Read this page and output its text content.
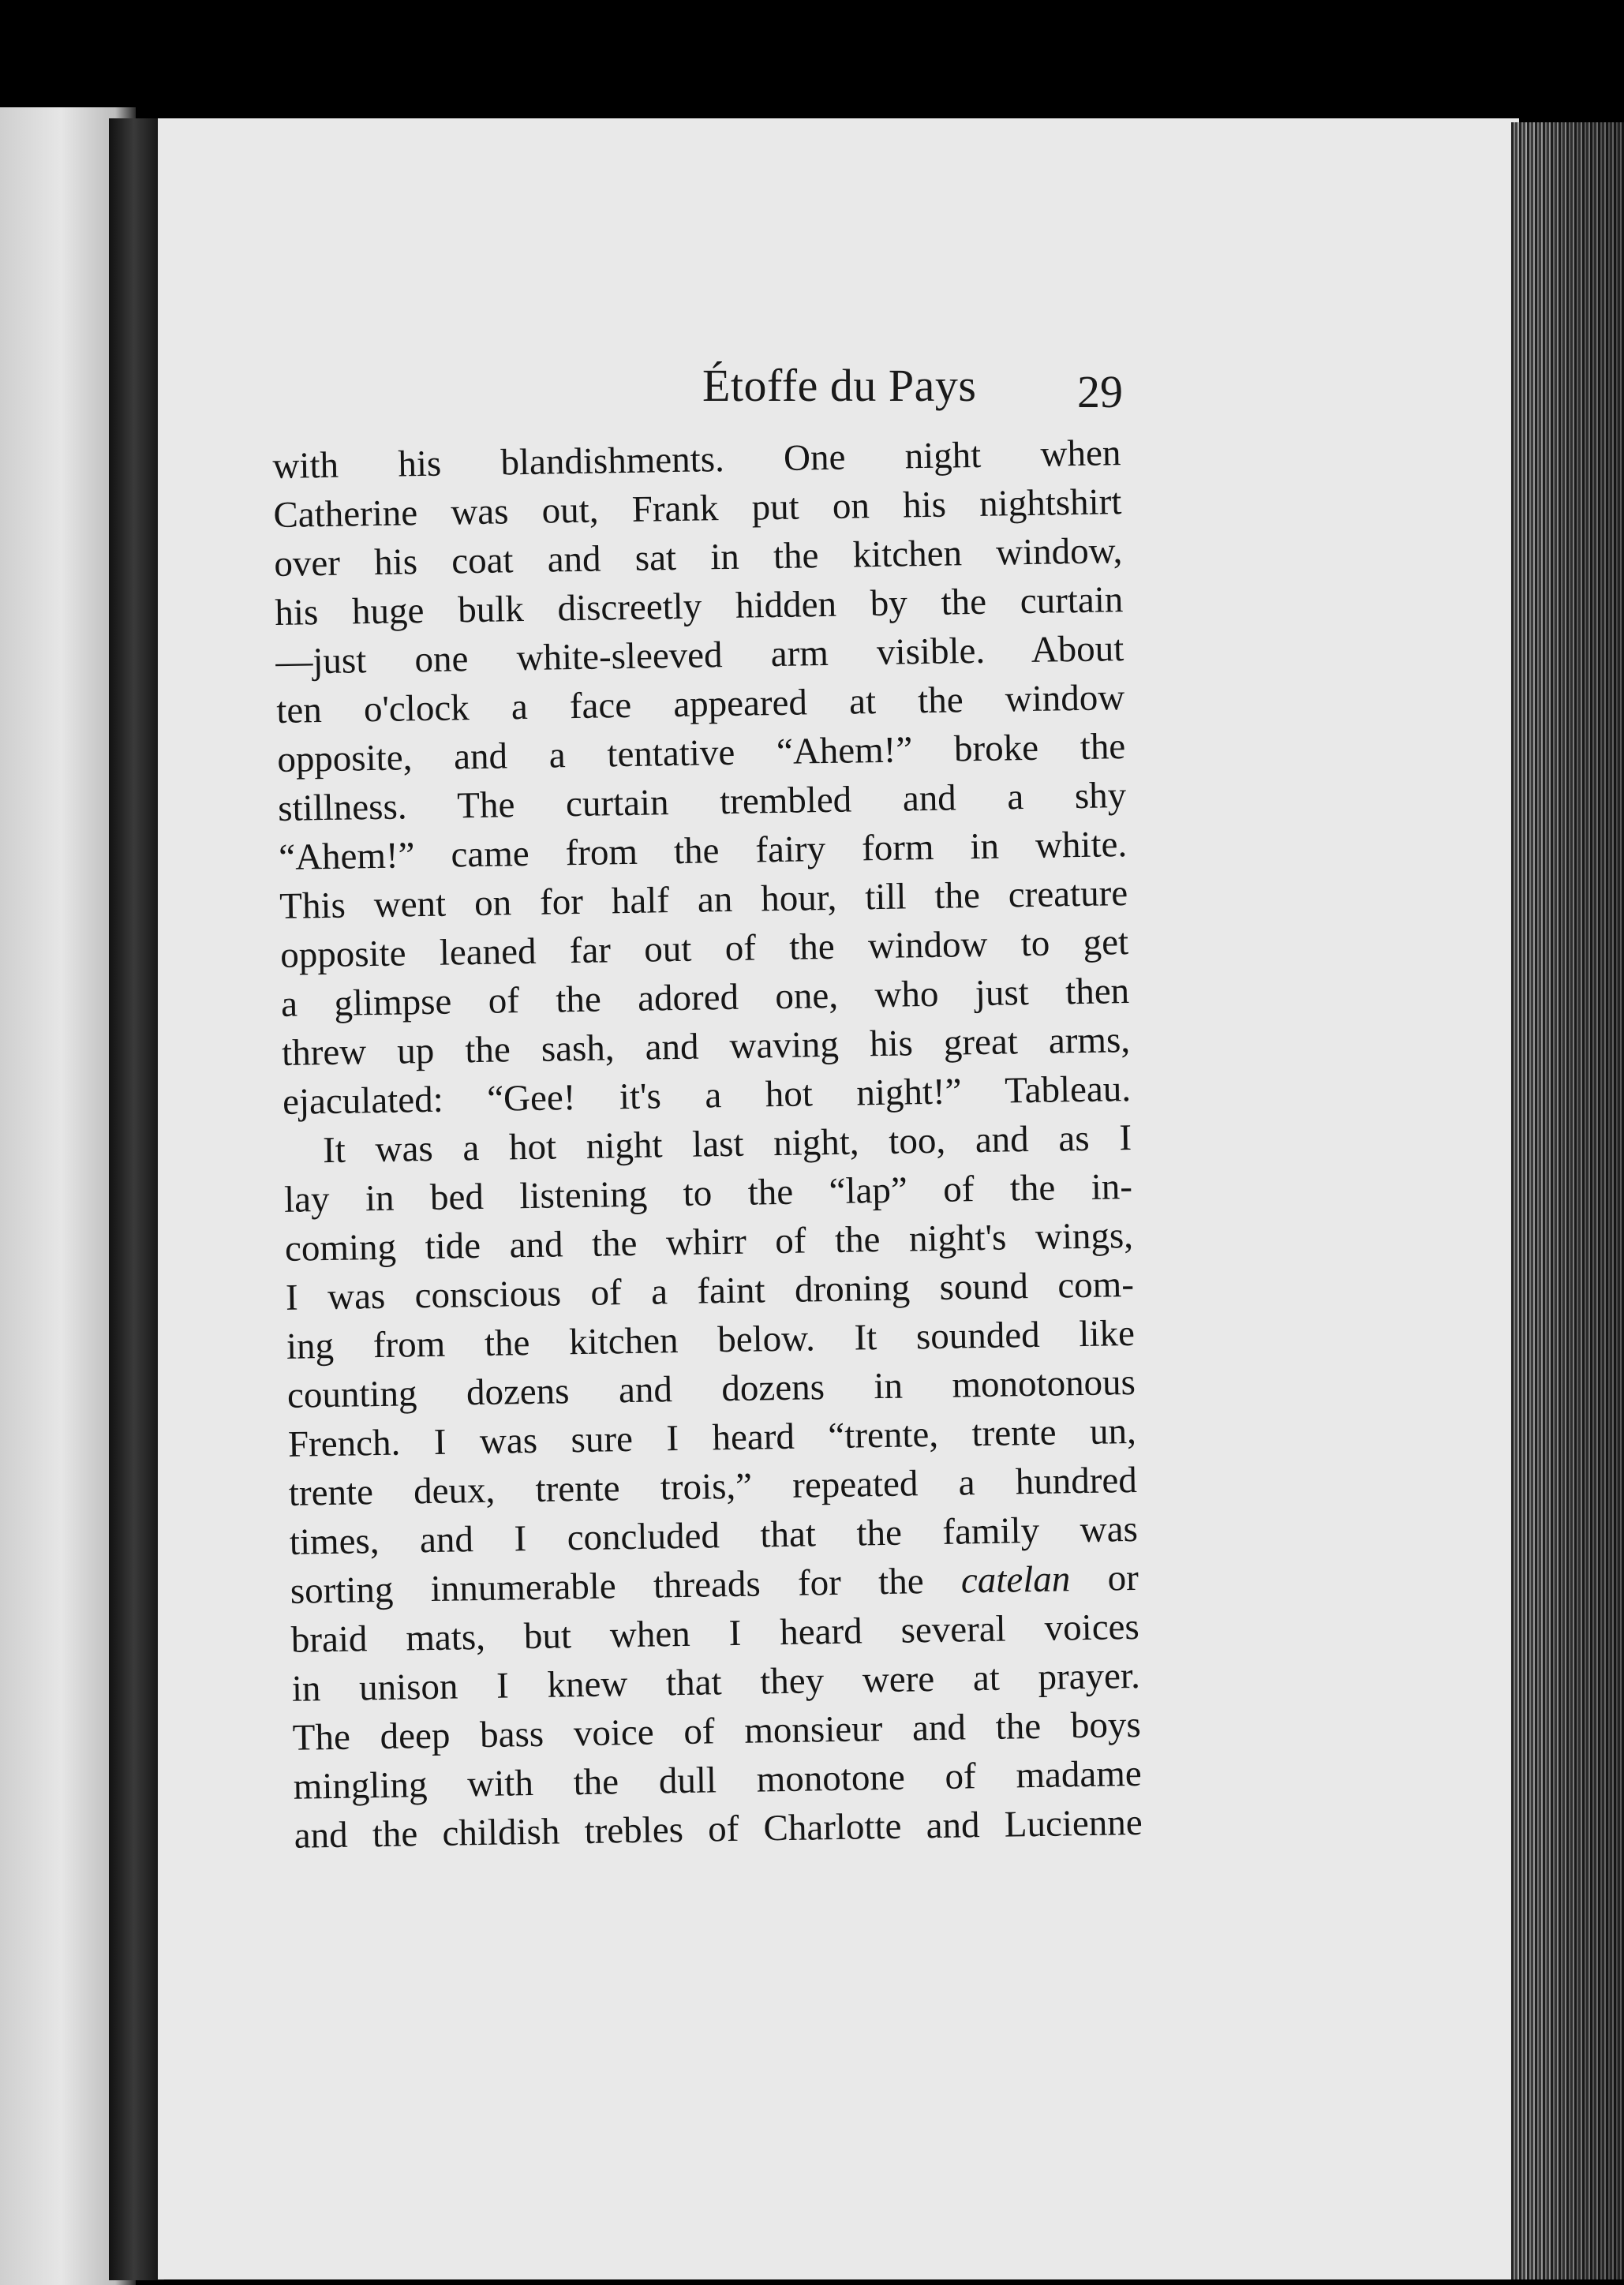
Étoffe du Pays 29
with his blandishments. One night when
Catherine was out, Frank put on his nightshirt
over his coat and sat in the kitchen window,
his huge bulk discreetly hidden by the curtain
—just one white-sleeved arm visible. About
ten o'clock a face appeared at the window
opposite, and a tentative “Ahem!” broke the
stillness. The curtain trembled and a shy
“Ahem!” came from the fairy form in white.
This went on for half an hour, till the creature
opposite leaned far out of the window to get
a glimpse of the adored one, who just then
threw up the sash, and waving his great arms,
ejaculated: “Gee! it's a hot night!” Tableau.
It was a hot night last night, too, and as I
lay in bed listening to the “lap” of the in-
coming tide and the whirr of the night's wings,
I was conscious of a faint droning sound com-
ing from the kitchen below. It sounded like
counting dozens and dozens in monotonous
French. I was sure I heard “trente, trente un,
trente deux, trente trois,” repeated a hundred
times, and I concluded that the family was
sorting innumerable threads for the catelan or
braid mats, but when I heard several voices
in unison I knew that they were at prayer.
The deep bass voice of monsieur and the boys
mingling with the dull monotone of madame
and the childish trebles of Charlotte and Lucienne
